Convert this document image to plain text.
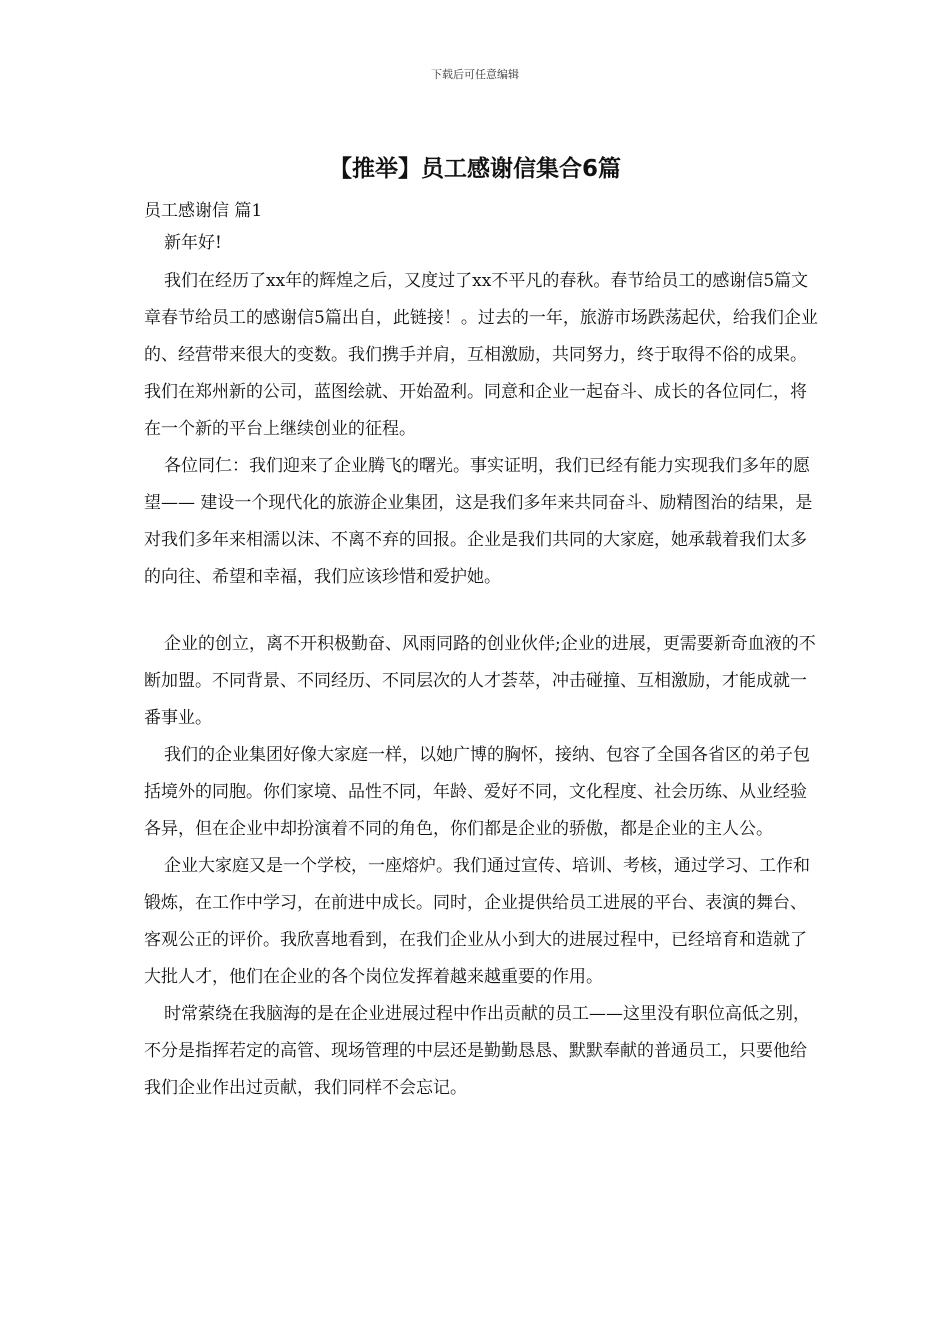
下载后可任意编辑
【推举】员工感谢信集合6篇

员工感谢信 篇1

新年好!

我们在经历了xx年的辉煌之后，又度过了xx不平凡的春秋。春节给员工的感谢信5篇文章春节给员工的感谢信5篇出自，此链接！。过去的一年，旅游市场跌荡起伏，给我们企业的、经营带来很大的变数。我们携手并肩，互相激励，共同努力，终于取得不俗的成果。我们在郑州新的公司，蓝图绘就、开始盈利。同意和企业一起奋斗、成长的各位同仁，将在一个新的平台上继续创业的征程。

各位同仁：我们迎来了企业腾飞的曙光。事实证明，我们已经有能力实现我们多年的愿望—— 建设一个现代化的旅游企业集团，这是我们多年来共同奋斗、励精图治的结果，是对我们多年来相濡以沫、不离不弃的回报。企业是我们共同的大家庭，她承载着我们太多的向往、希望和幸福，我们应该珍惜和爱护她。

企业的创立，离不开积极勤奋、风雨同路的创业伙伴;企业的进展，更需要新奇血液的不断加盟。不同背景、不同经历、不同层次的人才荟萃，冲击碰撞、互相激励，才能成就一番事业。

我们的企业集团好像大家庭一样，以她广博的胸怀，接纳、包容了全国各省区的弟子包括境外的同胞。你们家境、品性不同，年龄、爱好不同，文化程度、社会历练、从业经验各异，但在企业中却扮演着不同的角色，你们都是企业的骄傲，都是企业的主人公。

企业大家庭又是一个学校，一座熔炉。我们通过宣传、培训、考核，通过学习、工作和锻炼，在工作中学习，在前进中成长。同时，企业提供给员工进展的平台、表演的舞台、客观公正的评价。我欣喜地看到，在我们企业从小到大的进展过程中，已经培育和造就了大批人才，他们在企业的各个岗位发挥着越来越重要的作用。

时常萦绕在我脑海的是在企业进展过程中作出贡献的员工——这里没有职位高低之别，不分是指挥若定的高管、现场管理的中层还是勤勤恳恳、默默奉献的普通员工，只要他给我们企业作出过贡献，我们同样不会忘记。
